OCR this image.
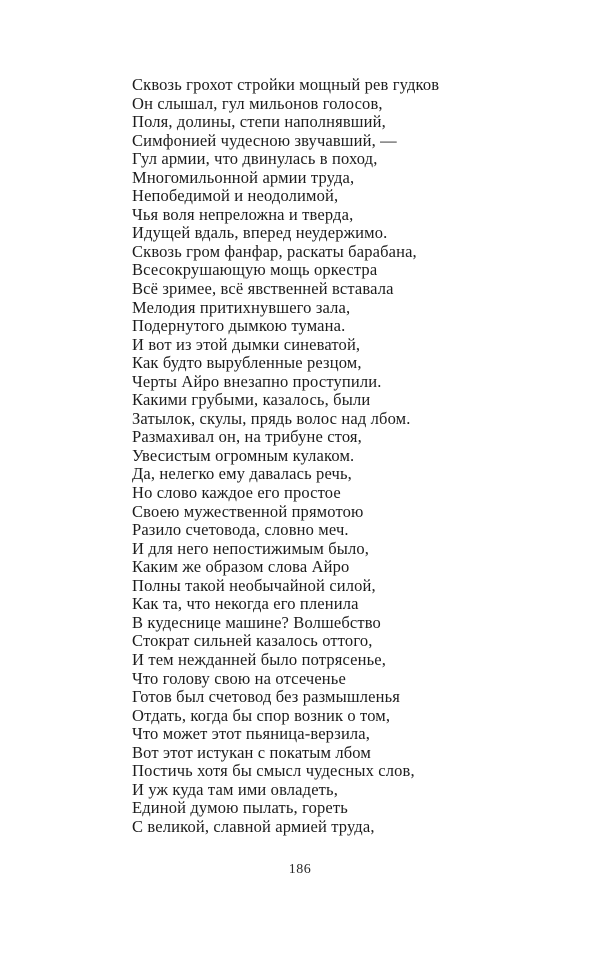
Сквозь грохот стройки мощный рев гудков
Он слышал, гул мильонов голосов,
Поля, долины, степи наполнявший,
Симфонией чудесною звучавший, —
Гул армии, что двинулась в поход,
Многомильонной армии труда,
Непобедимой и неодолимой,
Чья воля непреложна и тверда,
Идущей вдаль, вперед неудержимо.
Сквозь гром фанфар, раскаты барабана,
Всесокрушающую мощь оркестра
Всё зримее, всё явственней вставала
Мелодия притихнувшего зала,
Подернутого дымкою тумана.
И вот из этой дымки синеватой,
Как будто вырубленные резцом,
Черты Айро внезапно проступили.
Какими грубыми, казалось, были
Затылок, скулы, прядь волос над лбом.
Размахивал он, на трибуне стоя,
Увесистым огромным кулаком.
Да, нелегко ему давалась речь,
Но слово каждое его простое
Своею мужественной прямотою
Разило счетовода, словно меч.
И для него непостижимым было,
Каким же образом слова Айро
Полны такой необычайной силой,
Как та, что некогда его пленила
В кудеснице машине? Волшебство
Стократ сильней казалось оттого,
И тем нежданней было потрясенье,
Что голову свою на отсеченье
Готов был счетовод без размышленья
Отдать, когда бы спор возник о том,
Что может этот пьяница-верзила,
Вот этот истукан с покатым лбом
Постичь хотя бы смысл чудесных слов,
И уж куда там ими овладеть,
Единой думою пылать, гореть
С великой, славной армией труда,
186
